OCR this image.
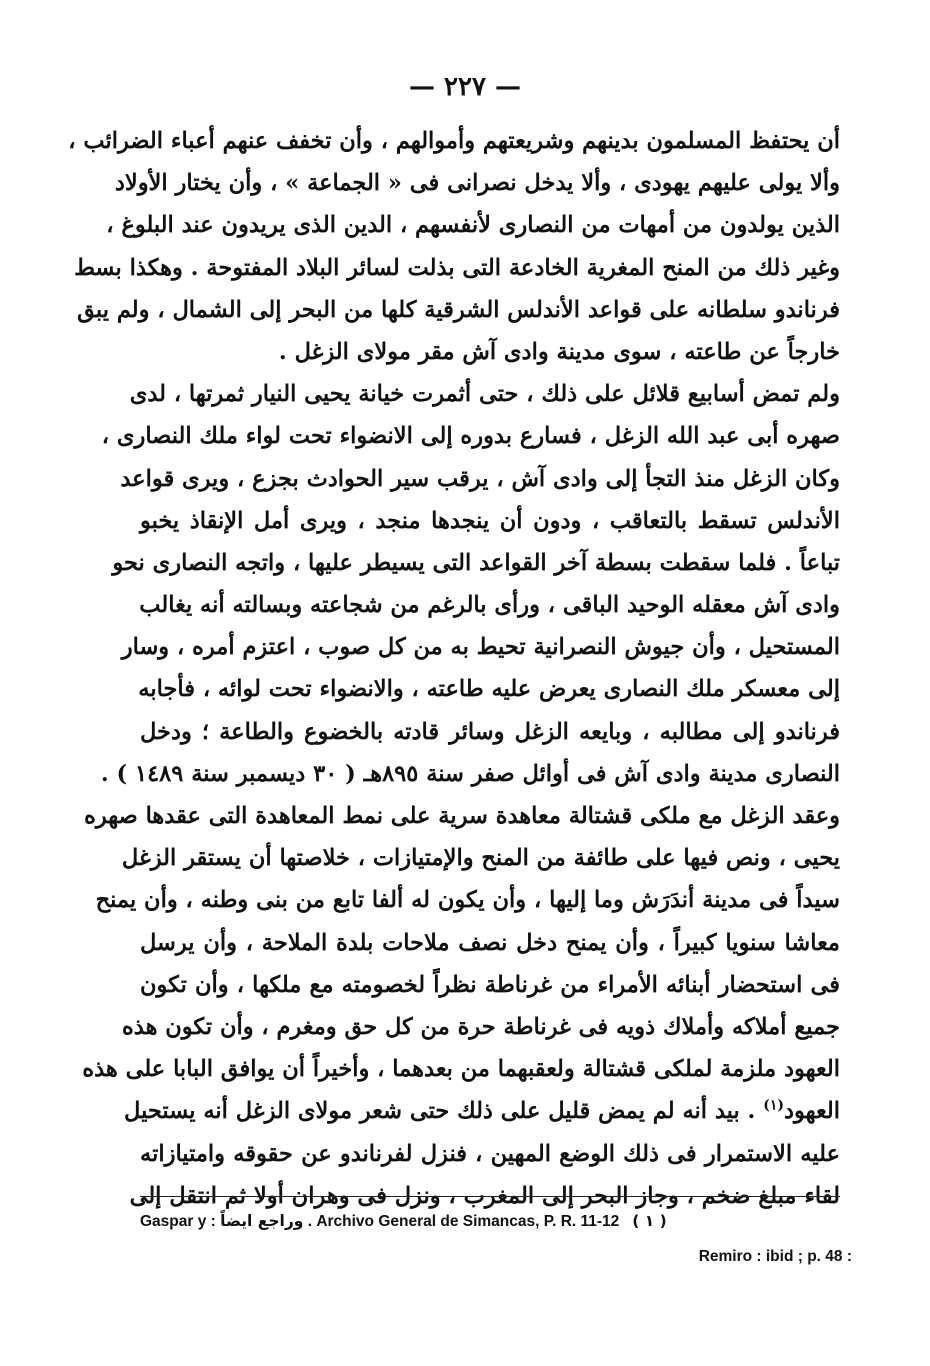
— ٢٢٧ —
أن يحتفظ المسلمون بدينهم وشريعتهم وأموالهم ، وأن تخفف عنهم أعباء الضرائب ،
وألا يولى عليهم يهودى ، وألا يدخل نصرانى فى « الجماعة » ، وأن يختار الأولاد
الذين يولدون من أمهات من النصارى لأنفسهم ، الدين الذى يريدون عند البلوغ ،
وغير ذلك من المنح المغرية الخادعة التى بذلت لسائر البلاد المفتوحة . وهكذا بسط
فرناندو سلطانه على قواعد الأندلس الشرقية كلها من البحر إلى الشمال ، ولم يبق
خارجاً عن طاعته ، سوى مدينة وادى آش مقر مولاى الزغل .
ولم تمض أسابيع قلائل على ذلك ، حتى أثمرت خيانة يحيى النيار ثمرتها ، لدى
صهره أبى عبد الله الزغل ، فسارع بدوره إلى الانضواء تحت لواء ملك النصارى ،
وكان الزغل منذ التجأ إلى وادى آش ، يرقب سير الحوادث بجزع ، ويرى قواعد
الأندلس تسقط بالتعاقب ، ودون أن ينجدها منجد ، ويرى أمل الإنقاذ يخبو
تباعاً . فلما سقطت بسطة آخر القواعد التى يسيطر عليها ، واتجه النصارى نحو
وادى آش معقله الوحيد الباقى ، ورأى بالرغم من شجاعته وبسالته أنه يغالب
المستحيل ، وأن جيوش النصرانية تحيط به من كل صوب ، اعتزم أمره ، وسار
إلى معسكر ملك النصارى يعرض عليه طاعته ، والانضواء تحت لوائه ، فأجابه
فرناندو إلى مطالبه ، وبايعه الزغل وسائر قادته بالخضوع والطاعة ؛ ودخل
النصارى مدينة وادى آش فى أوائل صفر سنة ٨٩٥هـ ( ٣٠ ديسمبر سنة ١٤٨٩ ) .
وعقد الزغل مع ملكى قشتالة معاهدة سرية على نمط المعاهدة التى عقدها صهره
يحيى ، ونص فيها على طائفة من المنح والإمتيازات ، خلاصتها أن يستقر الزغل
سيداً فى مدينة أندَرَش وما إليها ، وأن يكون له ألفا تابع من بنى وطنه ، وأن يمنح
معاشا سنويا كبيراً ، وأن يمنح دخل نصف ملاحات بلدة الملاحة ، وأن يرسل
فى استحضار أبنائه الأمراء من غرناطة نظراً لخصومته مع ملكها ، وأن تكون
جميع أملاكه وأملاك ذويه فى غرناطة حرة من كل حق ومغرم ، وأن تكون هذه
العهود ملزمة لملكى قشتالة ولعقبهما من بعدهما ، وأخيراً أن يوافق البابا على هذه
العهود$^{(١)}$ . بيد أنه لم يمض قليل على ذلك حتى شعر مولاى الزغل أنه يستحيل
عليه الاستمرار فى ذلك الوضع المهين ، فنزل لفرناندو عن حقوقه وامتيازاته
لقاء مبلغ ضخم ، وجاز البحر إلى المغرب ، ونزل فى وهران أولا ثم انتقل إلى
Gaspar y : وراجع ايضاً . Archivo General de Simancas, P. R. 11-12 ( ١ )
Remiro : ibid ; p. 48 :
